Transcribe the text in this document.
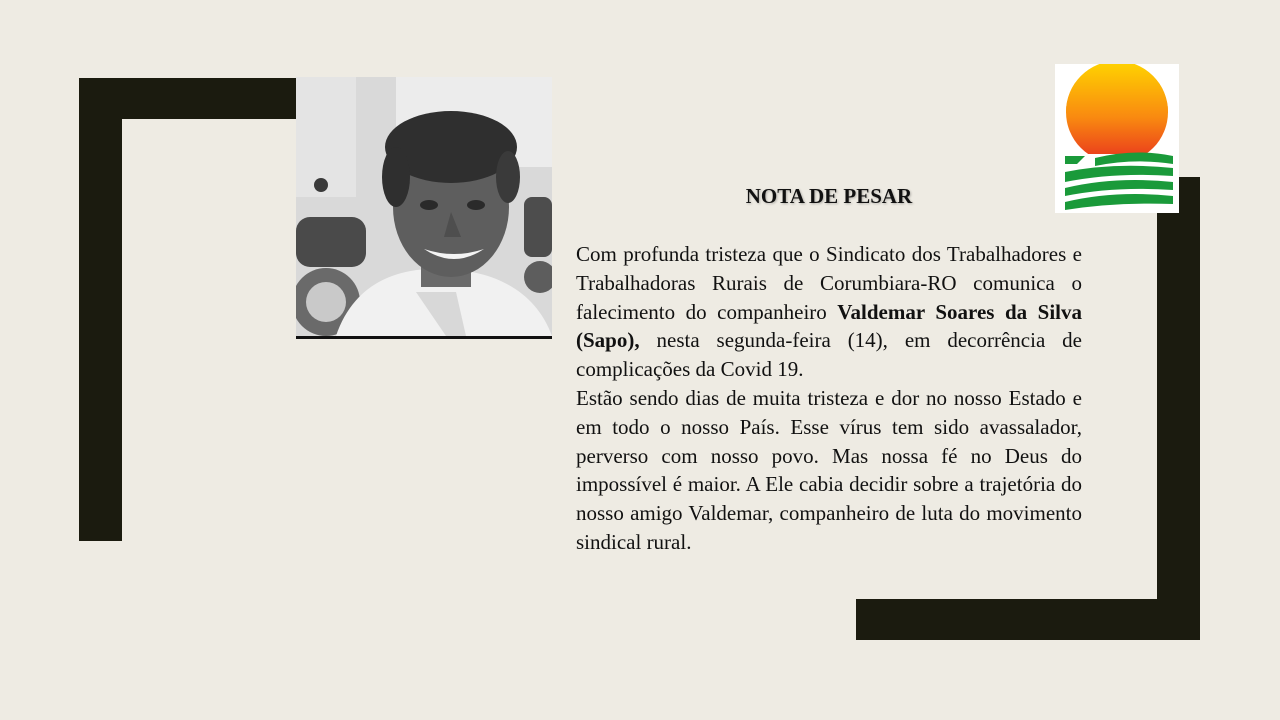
NOTA DE PESAR

Com profunda tristeza que o Sindicato dos Trabalhadores e Trabalhadoras Rurais de Corumbiara-RO comunica o falecimento do companheiro Valdemar Soares da Silva (Sapo), nesta segunda-feira (14), em decorrência de complicações da Covid 19.

Estão sendo dias de muita tristeza e dor no nosso Estado e em todo o nosso País. Esse vírus tem sido avassalador, perverso com nosso povo. Mas nossa fé no Deus do impossível é maior. A Ele cabia decidir sobre a trajetória do nosso amigo Valdemar, companheiro de luta do movimento sindical rural.
